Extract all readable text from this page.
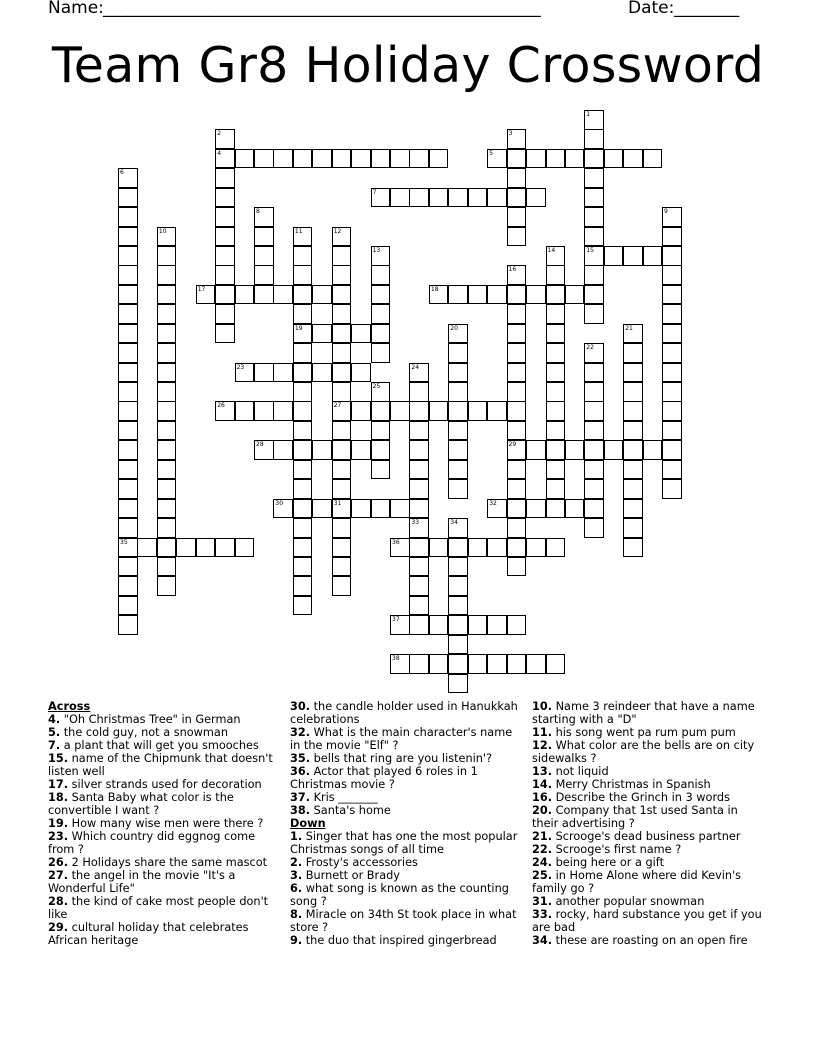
Name: ______________________________________________________	Date: ________
Team Gr8 Holiday Crossword
4	5
7
15
17	18
19
23
26	27
28	29
30	31	32
35	36
37
38
1
2	3
6
8	9
10	11	12
13	14
16
20	21
22
24
25
33	34
Across
4. "Oh Christmas Tree" in German
5. the cold guy, not a snowman
7. a plant that will get you smooches
15. name of the Chipmunk that doesn't listen well
17. silver strands used for decoration
18. Santa Baby what color is the convertible I want ?
19. How many wise men were there ?
23. Which country did eggnog come from ?
26. 2 Holidays share the same mascot
27. the angel in the movie "It's a Wonderful Life"
28. the kind of cake most people don't like
29. cultural holiday that celebrates African heritage
30. the candle holder used in Hanukkah celebrations
32. What is the main character's name in the movie "Elf" ?
35. bells that ring are you listenin'?
36. Actor that played 6 roles in 1 Christmas movie ?
37. Kris _______
38. Santa's home
Down
1. Singer that has one the most popular Christmas songs of all time
2. Frosty's accessories
3. Burnett or Brady
6. what song is known as the counting song ?
8. Miracle on 34th St took place in what store ?
9. the duo that inspired gingerbread
10. Name 3 reindeer that have a name starting with a "D"
11. his song went pa rum pum pum
12. What color are the bells are on city sidewalks ?
13. not liquid
14. Merry Christmas in Spanish
16. Describe the Grinch in 3 words
20. Company that 1st used Santa in their advertising ?
21. Scrooge's dead business partner
22. Scrooge's first name ?
24. being here or a gift
25. in Home Alone where did Kevin's family go ?
31. another popular snowman
33. rocky, hard substance you get if you are bad
34. these are roasting on an open fire
